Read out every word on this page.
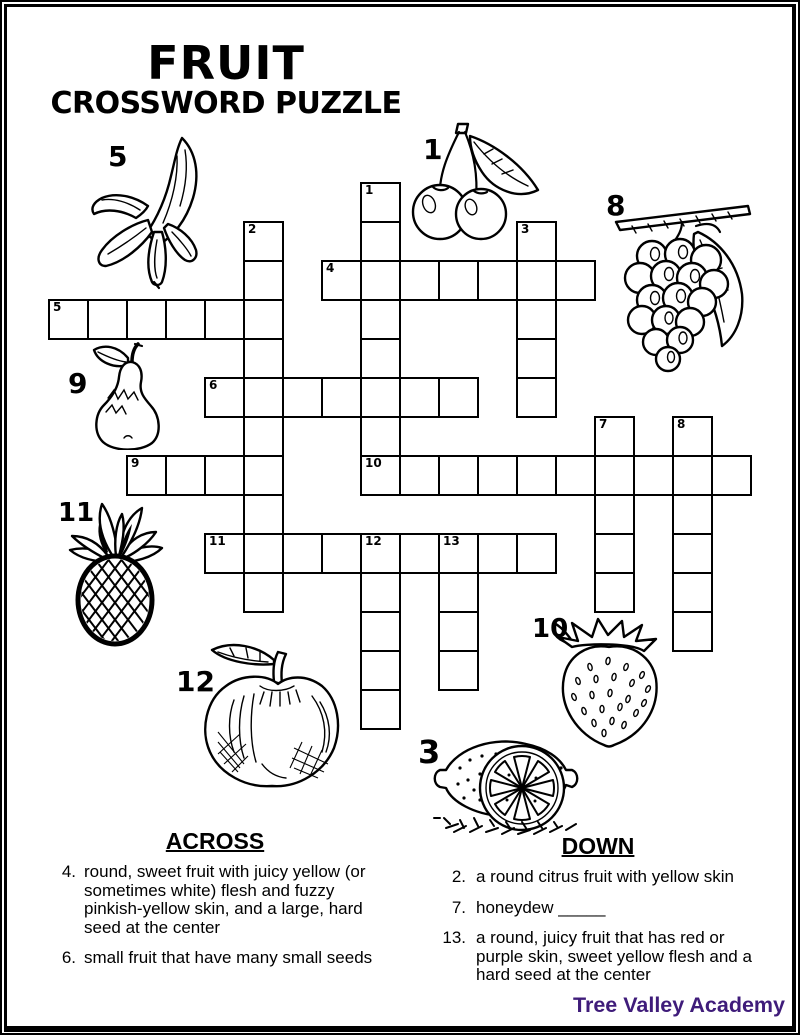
FRUIT
CROSSWORD PUZZLE
5	1
8
9
11
12
10
3
1
10
2	3
4
5
6
7	8
9
11	12	13
ACROSS
4. round, sweet fruit with juicy yellow (or sometimes white) flesh and fuzzy pinkish-yellow skin, and a large, hard seed at the center
6. small fruit that have many small seeds
DOWN
2. a round citrus fruit with yellow skin
7. honeydew _____
13. a round, juicy fruit that has red or purple skin, sweet yellow flesh and a hard seed at the center
Tree Valley Academy
